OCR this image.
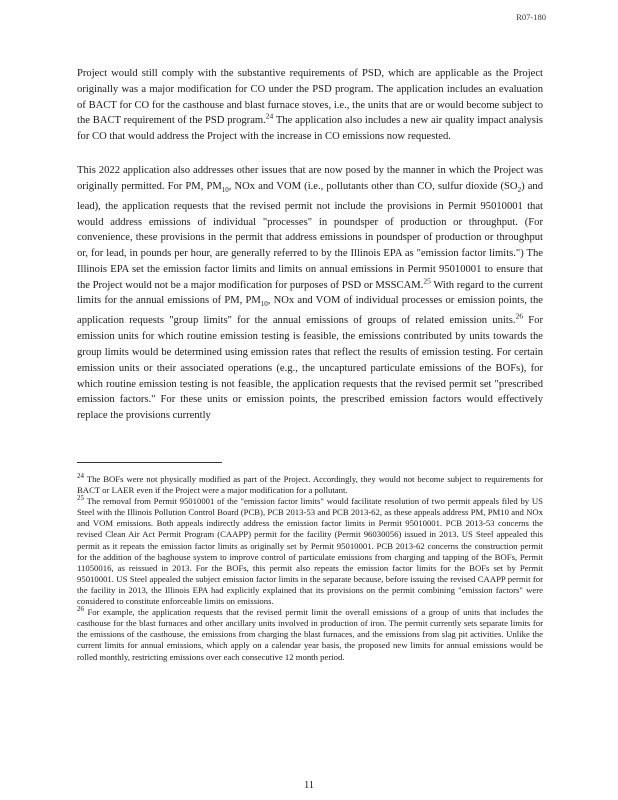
R07-180

Project would still comply with the substantive requirements of PSD, which are applicable as the Project originally was a major modification for CO under the PSD program. The application includes an evaluation of BACT for CO for the casthouse and blast furnace stoves, i.e., the units that are or would become subject to the BACT requirement of the PSD program.$^{24}$ The application also includes a new air quality impact analysis for CO that would address the Project with the increase in CO emissions now requested.

This 2022 application also addresses other issues that are now posed by the manner in which the Project was originally permitted. For PM, $PM_{10}$, NOx and VOM (i.e., pollutants other than CO, sulfur dioxide $(SO_2)$ and lead), the application requests that the revised permit not include the provisions in Permit 95010001 that would address emissions of individual "processes" in poundsper of production or throughput. (For convenience, these provisions in the permit that address emissions in poundsper of production or throughput or, for lead, in pounds per hour, are generally referred to by the Illinois EPA as "emission factor limits.") The Illinois EPA set the emission factor limits and limits on annual emissions in Permit 95010001 to ensure that the Project would not be a major modification for purposes of PSD or MSSCAM.$^{25}$ With regard to the current limits for the annual emissions of PM, $PM_{10}$, NOx and VOM of individual processes or emission points, the application requests "group limits" for the annual emissions of groups of related emission units.$^{26}$ For emission units for which routine emission testing is feasible, the emissions contributed by units towards the group limits would be determined using emission rates that reflect the results of emission testing. For certain emission units or their associated operations (e.g., the uncaptured particulate emissions of the BOFs), for which routine emission testing is not feasible, the application requests that the revised permit set "prescribed emission factors." For these units or emission points, the prescribed emission factors would effectively replace the provisions currently

$^{24}$ The BOFs were not physically modified as part of the Project. Accordingly, they would not become subject to requirements for BACT or LAER even if the Project were a major modification for a pollutant.

$^{25}$ The removal from Permit 95010001 of the "emission factor limits" would facilitate resolution of two permit appeals filed by US Steel with the Illinois Pollution Control Board (PCB), PCB 2013-53 and PCB 2013-62, as these appeals address PM, PM10 and NOx and VOM emissions. Both appeals indirectly address the emission factor limits in Permit 95010001. PCB 2013-53 concerns the revised Clean Air Act Permit Program (CAAPP) permit for the facility (Permit 96030056) issued in 2013. US Steel appealed this permit as it repeats the emission factor limits as originally set by Permit 95010001. PCB 2013-62 concerns the construction permit for the addition of the baghouse system to improve control of particulate emissions from charging and tapping of the BOFs, Permit 11050016, as reissued in 2013. For the BOFs, this permit also repeats the emission factor limits for the BOFs set by Permit 95010001. US Steel appealed the subject emission factor limits in the separate because, before issuing the revised CAAPP permit for the facility in 2013, the Illinois EPA had explicitly explained that its provisions on the permit combining "emission factors" were considered to constitute enforceable limits on emissions.

$^{26}$ For example, the application requests that the revised permit limit the overall emissions of a group of units that includes the casthouse for the blast furnaces and other ancillary units involved in production of iron. The permit currently sets separate limits for the emissions of the casthouse, the emissions from charging the blast furnaces, and the emissions from slag pit activities. Unlike the current limits for annual emissions, which apply on a calendar year basis, the proposed new limits for annual emissions would be rolled monthly, restricting emissions over each consecutive 12 month period.

11
